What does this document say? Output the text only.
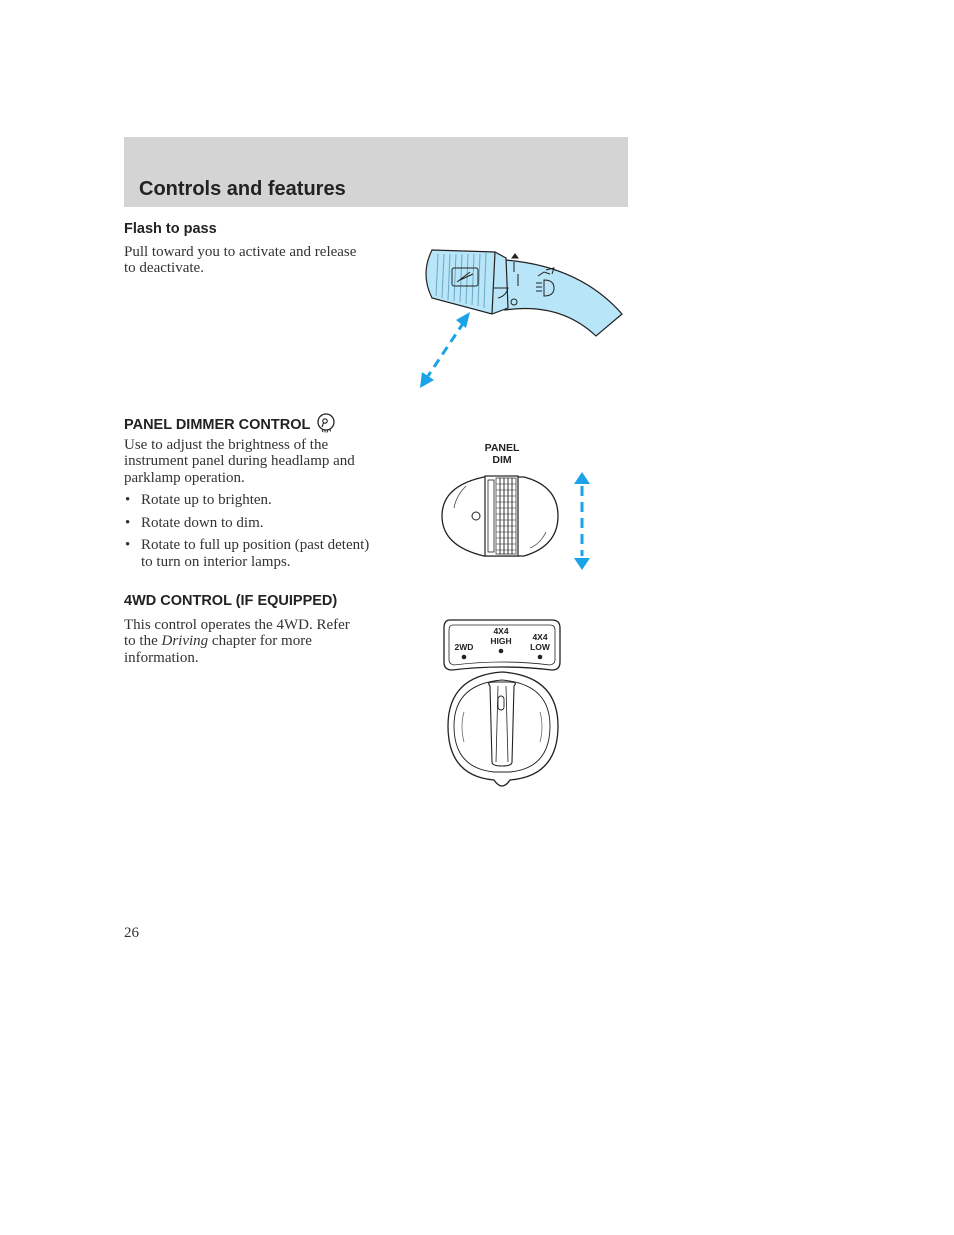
Controls and features
Flash to pass
Pull toward you to activate and release to deactivate.
PANEL DIMMER CONTROL
Use to adjust the brightness of the instrument panel during headlamp and parklamp operation.
• Rotate up to brighten.
• Rotate down to dim.
• Rotate to full up position (past detent) to turn on interior lamps.
PANEL
DIM
4WD CONTROL (IF EQUIPPED)
This control operates the 4WD. Refer to the Driving chapter for more information.
2WD
4X4
HIGH 4X4
LOW
26
